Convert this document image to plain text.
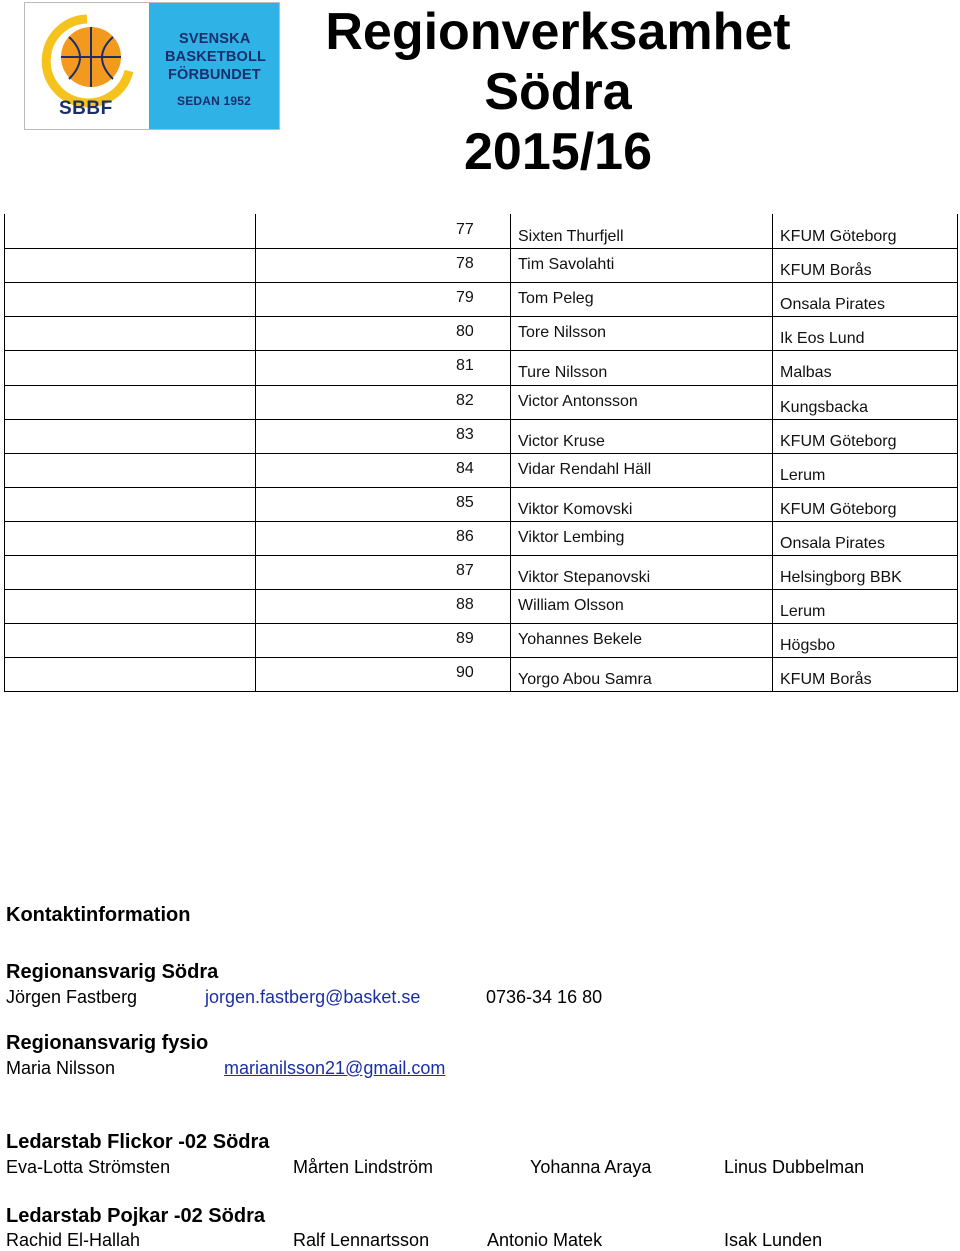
SBBF
SVENSKA
BASKETBOLL
FÖRBUNDET
SEDAN 1952
Regionverksamhet
Södra
2015/16
77	Sixten Thurfjell	KFUM Göteborg
78	Tim Savolahti	KFUM Borås
79	Tom Peleg	Onsala Pirates
80	Tore Nilsson	Ik Eos Lund
81	Ture Nilsson	Malbas
82	Victor Antonsson	Kungsbacka
83	Victor Kruse	KFUM Göteborg
84	Vidar Rendahl Häll	Lerum
85	Viktor Komovski	KFUM Göteborg
86	Viktor Lembing	Onsala Pirates
87	Viktor Stepanovski	Helsingborg BBK
88	William Olsson	Lerum
89	Yohannes Bekele	Högsbo
90	Yorgo Abou Samra	KFUM Borås
Kontaktinformation
Regionansvarig Södra
Jörgen Fastberg	jorgen.fastberg@basket.se	0736-34 16 80
Regionansvarig fysio
Maria Nilsson	marianilsson21@gmail.com
Ledarstab Flickor -02 Södra
Eva-Lotta Strömsten	Mårten Lindström	Yohanna Araya	Linus Dubbelman
Ledarstab Pojkar -02 Södra
Rachid El-Hallah	Ralf Lennartsson	Antonio Matek	Isak Lunden
